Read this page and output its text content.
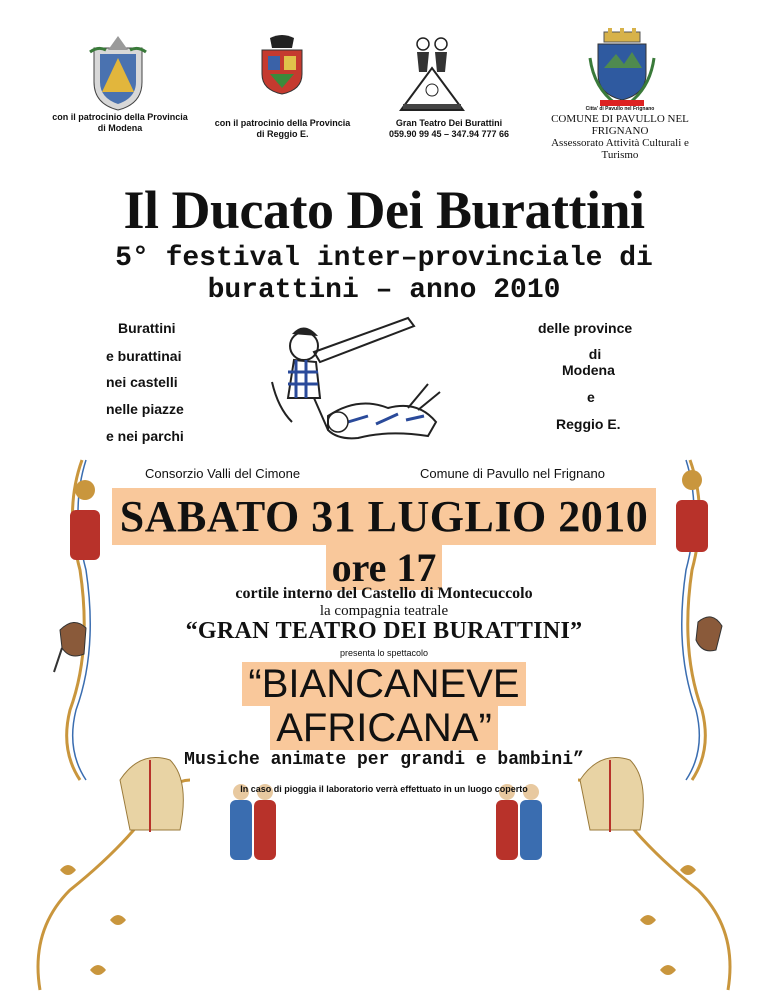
con il patrocinio della Provincia
di Modena	con il patrocinio della Provincia
di Reggio E.
Gran Teatro Dei Burattini
059.90 99 45 – 347.94 777 66
Citta' di Pavullo nel Frignano
COMUNE DI PAVULLO NEL
FRIGNANO
Assessorato Attività Culturali e
Turismo
Il Ducato Dei Burattini
5° festival inter–provinciale di
burattini – anno 2010
Burattini
e burattinai
nei castelli
nelle piazze
e nei parchi
delle province
di
Modena
e
Reggio E.
Consorzio Valli del Cimone	Comune di Pavullo nel Frignano
SABATO 31 LUGLIO 2010
ore 17
cortile interno del Castello di Montecuccolo
la compagnia teatrale
“GRAN TEATRO DEI BURATTINI”
presenta lo spettacolo
“BIANCANEVE
AFRICANA”
Musiche animate per grandi e bambini”
In caso di pioggia il laboratorio verrà effettuato in un luogo coperto
